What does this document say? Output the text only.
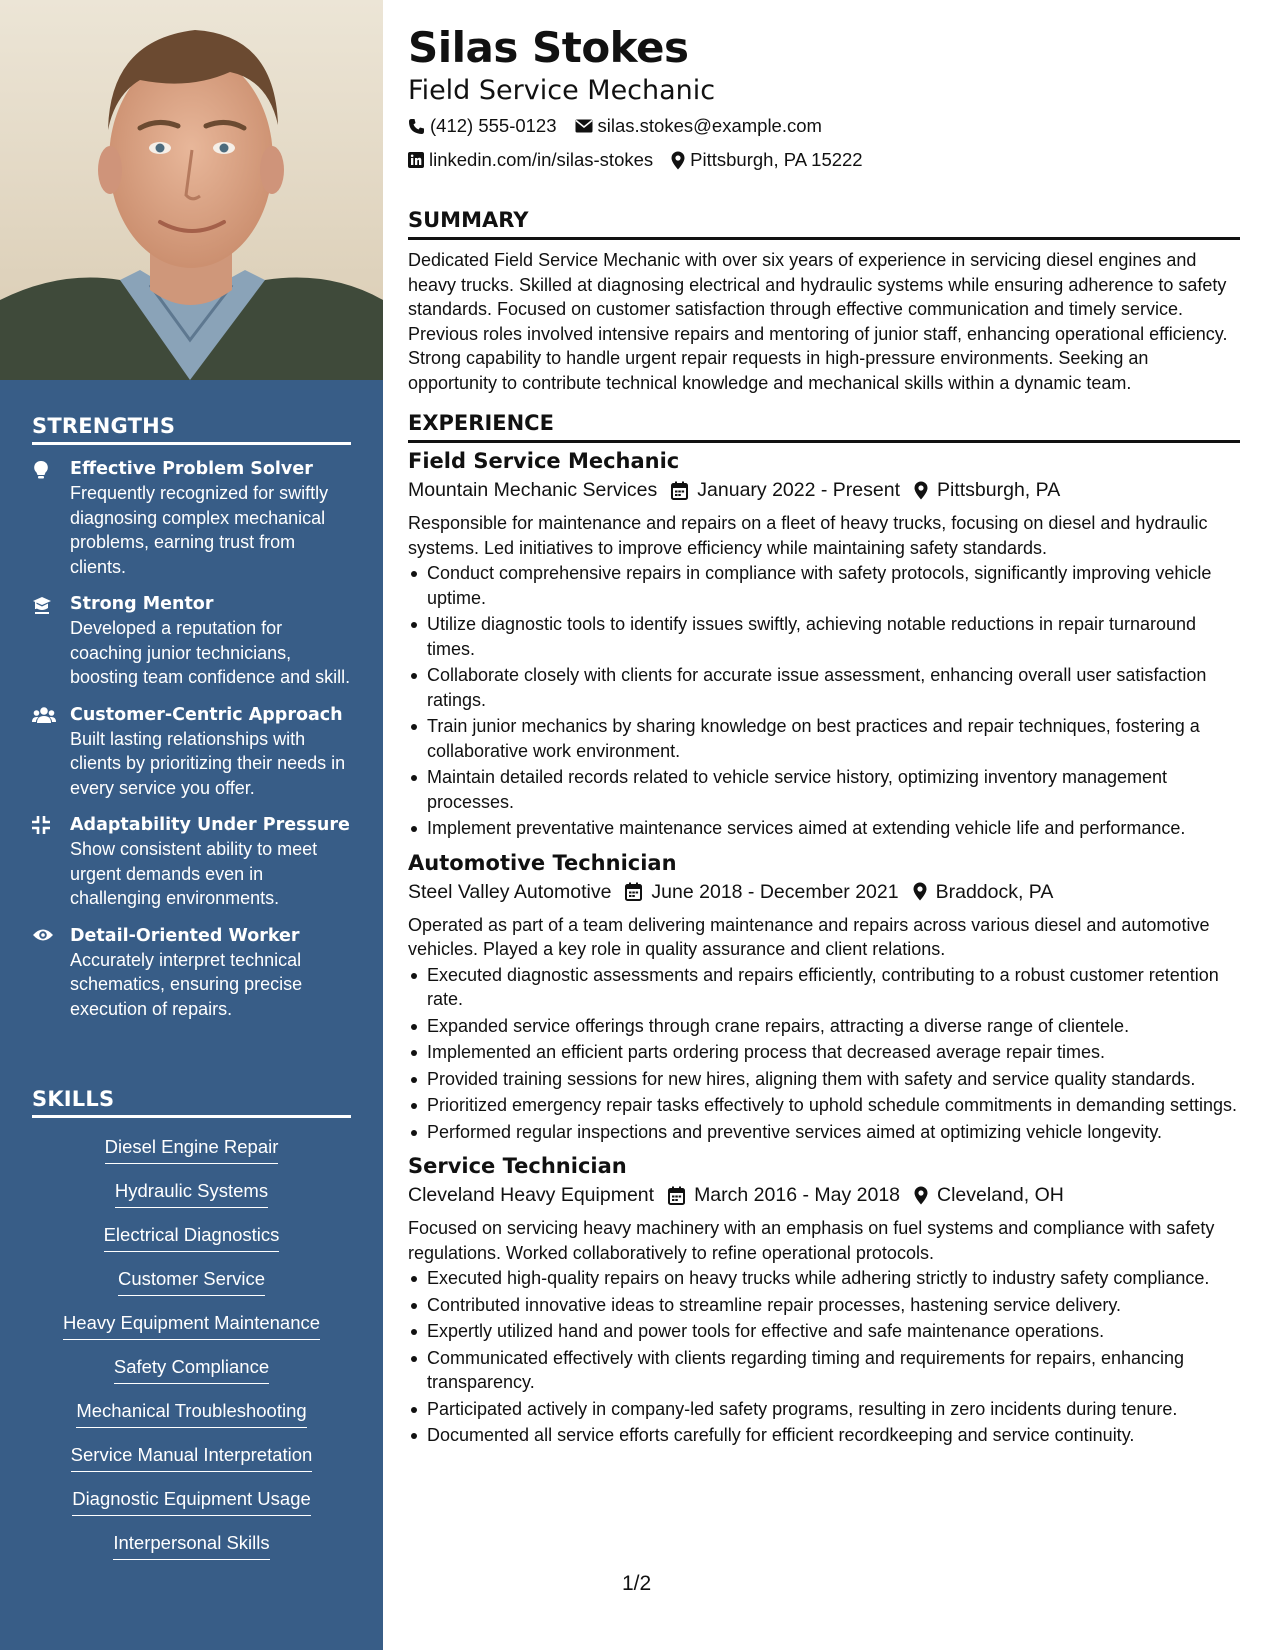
STRENGTHS
Effective Problem Solver
Frequently recognized for swiftly diagnosing complex mechanical problems, earning trust from clients.
Strong Mentor
Developed a reputation for coaching junior technicians, boosting team confidence and skill.
Customer-Centric Approach
Built lasting relationships with clients by prioritizing their needs in every service you offer.
Adaptability Under Pressure
Show consistent ability to meet urgent demands even in challenging environments.
Detail-Oriented Worker
Accurately interpret technical schematics, ensuring precise execution of repairs.
SKILLS
Diesel Engine Repair
Hydraulic Systems
Electrical Diagnostics
Customer Service
Heavy Equipment Maintenance
Safety Compliance
Mechanical Troubleshooting
Service Manual Interpretation
Diagnostic Equipment Usage
Interpersonal Skills
Silas Stokes
Field Service Mechanic
(412) 555-0123 silas.stokes@example.com
linkedin.com/in/silas-stokes Pittsburgh, PA 15222
SUMMARY

Dedicated Field Service Mechanic with over six years of experience in servicing diesel engines and heavy trucks. Skilled at diagnosing electrical and hydraulic systems while ensuring adherence to safety standards. Focused on customer satisfaction through effective communication and timely service. Previous roles involved intensive repairs and mentoring of junior staff, enhancing operational efficiency. Strong capability to handle urgent repair requests in high-pressure environments. Seeking an opportunity to contribute technical knowledge and mechanical skills within a dynamic team.

EXPERIENCE
Field Service Mechanic
Mountain Mechanic Services January 2022 - Present Pittsburgh, PA

Responsible for maintenance and repairs on a fleet of heavy trucks, focusing on diesel and hydraulic systems. Led initiatives to improve efficiency while maintaining safety standards.

Conduct comprehensive repairs in compliance with safety protocols, significantly improving vehicle uptime.
Utilize diagnostic tools to identify issues swiftly, achieving notable reductions in repair turnaround times.
Collaborate closely with clients for accurate issue assessment, enhancing overall user satisfaction ratings.
Train junior mechanics by sharing knowledge on best practices and repair techniques, fostering a collaborative work environment.
Maintain detailed records related to vehicle service history, optimizing inventory management processes.
Implement preventative maintenance services aimed at extending vehicle life and performance.
Automotive Technician
Steel Valley Automotive June 2018 - December 2021 Braddock, PA

Operated as part of a team delivering maintenance and repairs across various diesel and automotive vehicles. Played a key role in quality assurance and client relations.

Executed diagnostic assessments and repairs efficiently, contributing to a robust customer retention rate.
Expanded service offerings through crane repairs, attracting a diverse range of clientele.
Implemented an efficient parts ordering process that decreased average repair times.
Provided training sessions for new hires, aligning them with safety and service quality standards.
Prioritized emergency repair tasks effectively to uphold schedule commitments in demanding settings.
Performed regular inspections and preventive services aimed at optimizing vehicle longevity.
Service Technician
Cleveland Heavy Equipment March 2016 - May 2018 Cleveland, OH

Focused on servicing heavy machinery with an emphasis on fuel systems and compliance with safety regulations. Worked collaboratively to refine operational protocols.

Executed high-quality repairs on heavy trucks while adhering strictly to industry safety compliance.
Contributed innovative ideas to streamline repair processes, hastening service delivery.
Expertly utilized hand and power tools for effective and safe maintenance operations.
Communicated effectively with clients regarding timing and requirements for repairs, enhancing transparency.
Participated actively in company-led safety programs, resulting in zero incidents during tenure.
Documented all service efforts carefully for efficient recordkeeping and service continuity.
1/2
